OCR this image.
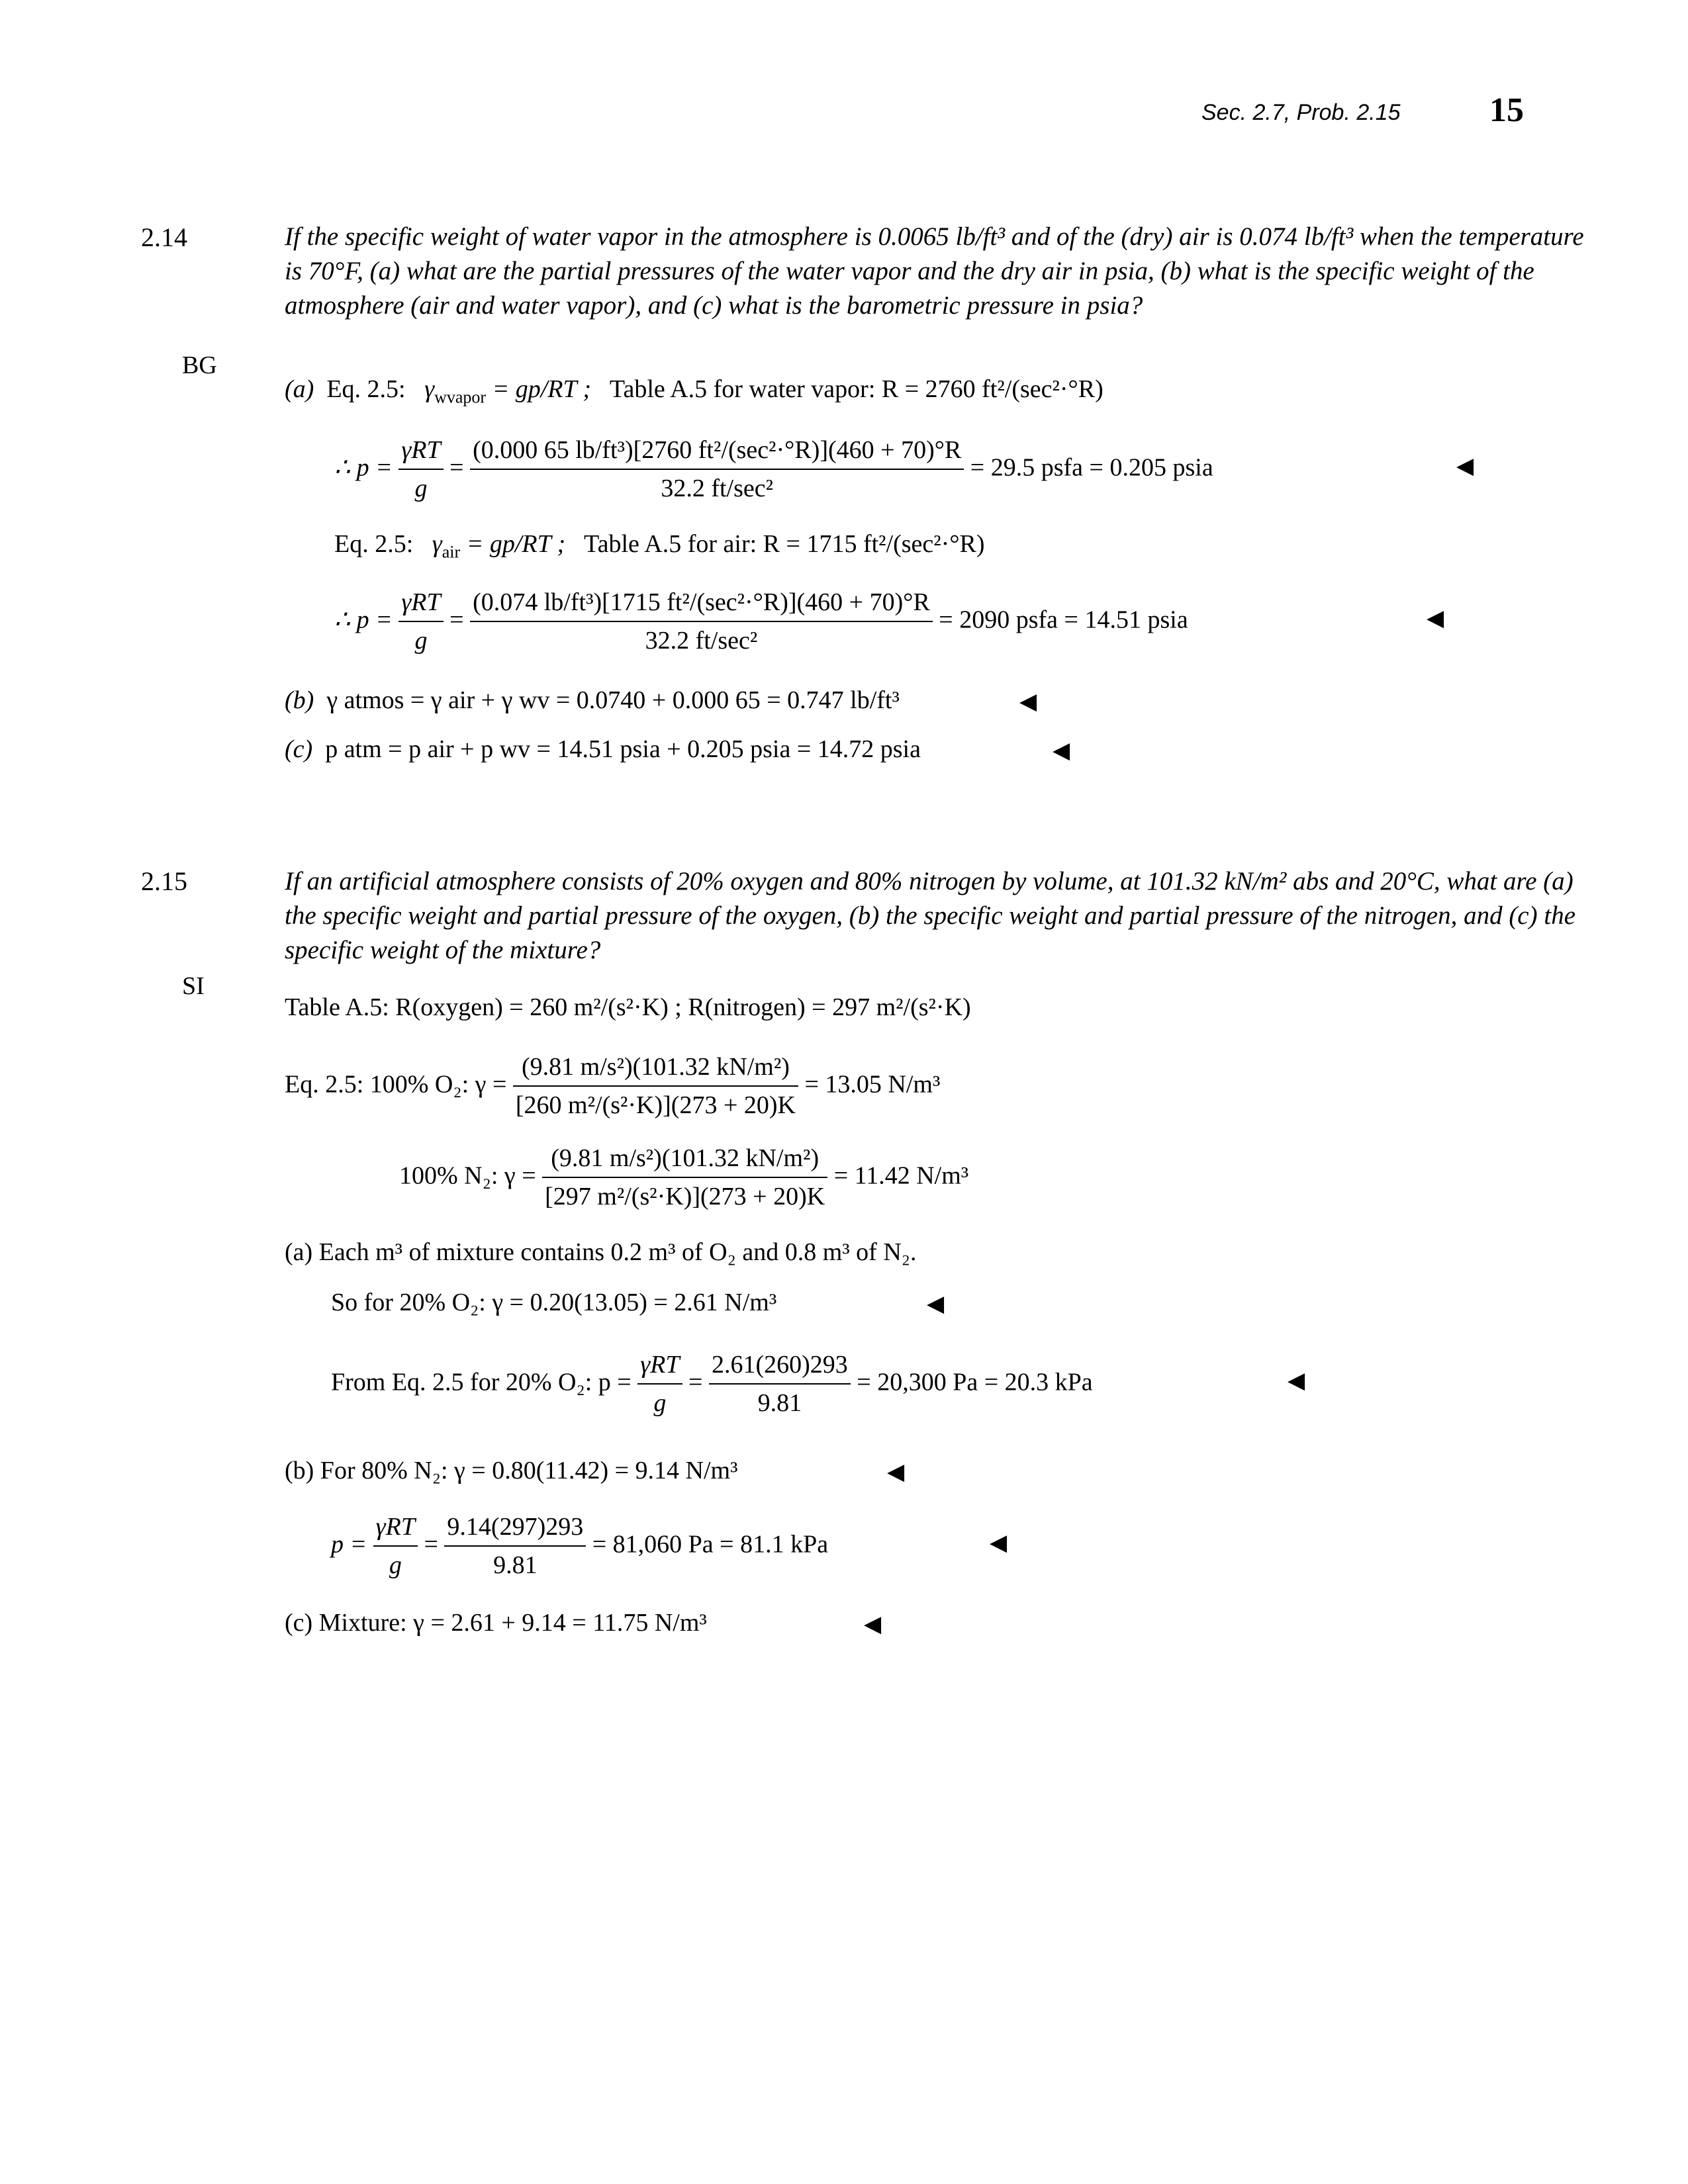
Sec. 2.7, Prob. 2.15	15
2.14
BG
If the specific weight of water vapor in the atmosphere is 0.0065 lb/ft³ and of the (dry) air is 0.074 lb/ft³ when the temperature is 70°F, (a) what are the partial pressures of the water vapor and the dry air in psia, (b) what is the specific weight of the atmosphere (air and water vapor), and (c) what is the barometric pressure in psia?
(a) Eq. 2.5: $\gamma_{wvapor} = gp/RT$ ; Table A.5 for water vapor: R = 2760 ft²/(sec²·°R)
∴ $p = \frac{\text{γRT}}{g} = \frac{\text{(0.000 65 lb/ft³)[2760 ft²/(sec²·°R)](460 + 70)°R}}{\text{32.2 ft/sec²}} = 29.5$ psfa = 0.205 psia	◀
Eq. 2.5: $\gamma_{air} = gp/RT$ ; Table A.5 for air: R = 1715 ft²/(sec²·°R)
∴ $p = \frac{\text{γRT}}{g} = \frac{\text{(0.074 lb/ft³)[1715 ft²/(sec²·°R)](460 + 70)°R}}{\text{32.2 ft/sec²}} = 2090$ psfa = 14.51 psia	◀
(b) γ atmos = γ air + γ wv = 0.0740 + 0.000 65 = 0.747 lb/ft³	◀
(c) p atm = p air + p wv = 14.51 psia + 0.205 psia = 14.72 psia	◀
2.15
SI
If an artificial atmosphere consists of 20% oxygen and 80% nitrogen by volume, at 101.32 kN/m² abs and 20°C, what are (a) the specific weight and partial pressure of the oxygen, (b) the specific weight and partial pressure of the nitrogen, and (c) the specific weight of the mixture?
Table A.5: R(oxygen) = 260 m²/(s²·K) ; R(nitrogen) = 297 m²/(s²·K)
Eq. 2.5: 100% O₂: $\gamma = \frac{\text{(9.81 m/s²)(101.32 kN/m²)}}{\text{[260 m²/(s²·K)](273 + 20)K}} = 13.05$ N/m³
100% N₂: $\gamma = \frac{\text{(9.81 m/s²)(101.32 kN/m²)}}{\text{[297 m²/(s²·K)](273 + 20)K}} = 11.42$ N/m³
(a) Each m³ of mixture contains 0.2 m³ of O₂ and 0.8 m³ of N₂.
So for 20% O₂: γ = 0.20(13.05) = 2.61 N/m³	◀
From Eq. 2.5 for 20% O₂: $p = \frac{\text{γRT}}{g} = \frac{2.61(260)293}{9.81} = 20,300$ Pa = 20.3 kPa	◀
(b) For 80% N₂: γ = 0.80(11.42) = 9.14 N/m³	◀
$p = \frac{\text{γRT}}{g} = \frac{9.14(297)293}{9.81} = 81,060$ Pa = 81.1 kPa	◀
(c) Mixture: γ = 2.61 + 9.14 = 11.75 N/m³	◀
